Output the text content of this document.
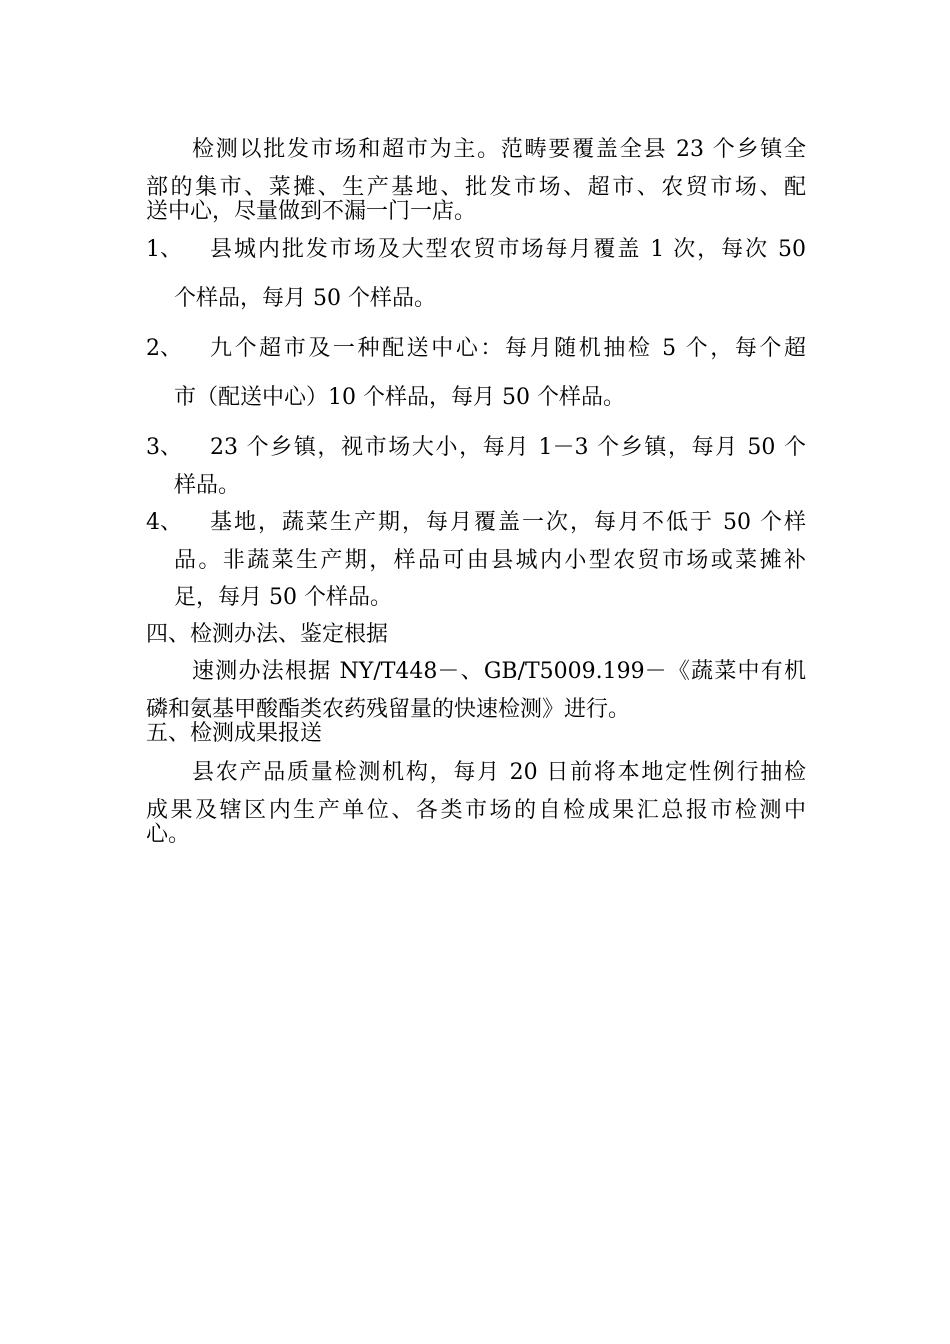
检测以批发市场和超市为主。范畴要覆盖全县 23 个乡镇全
部的集市、菜摊、生产基地、批发市场、超市、农贸市场、配
送中心，尽量做到不漏一门一店。
1、 县城内批发市场及大型农贸市场每月覆盖 1 次，每次 50
个样品，每月 50 个样品。
2、 九个超市及一种配送中心：每月随机抽检 5 个，每个超
市（配送中心）10 个样品，每月 50 个样品。
3、 23 个乡镇，视市场大小，每月 1－3 个乡镇，每月 50 个
样品。
4、 基地，蔬菜生产期，每月覆盖一次，每月不低于 50 个样
品。非蔬菜生产期，样品可由县城内小型农贸市场或菜摊补
足，每月 50 个样品。
四、检测办法、鉴定根据
速测办法根据 NY/T448－、GB/T5009.199－《蔬菜中有机
磷和氨基甲酸酯类农药残留量的快速检测》进行。
五、检测成果报送
县农产品质量检测机构，每月 20 日前将本地定性例行抽检
成果及辖区内生产单位、各类市场的自检成果汇总报市检测中
心。
